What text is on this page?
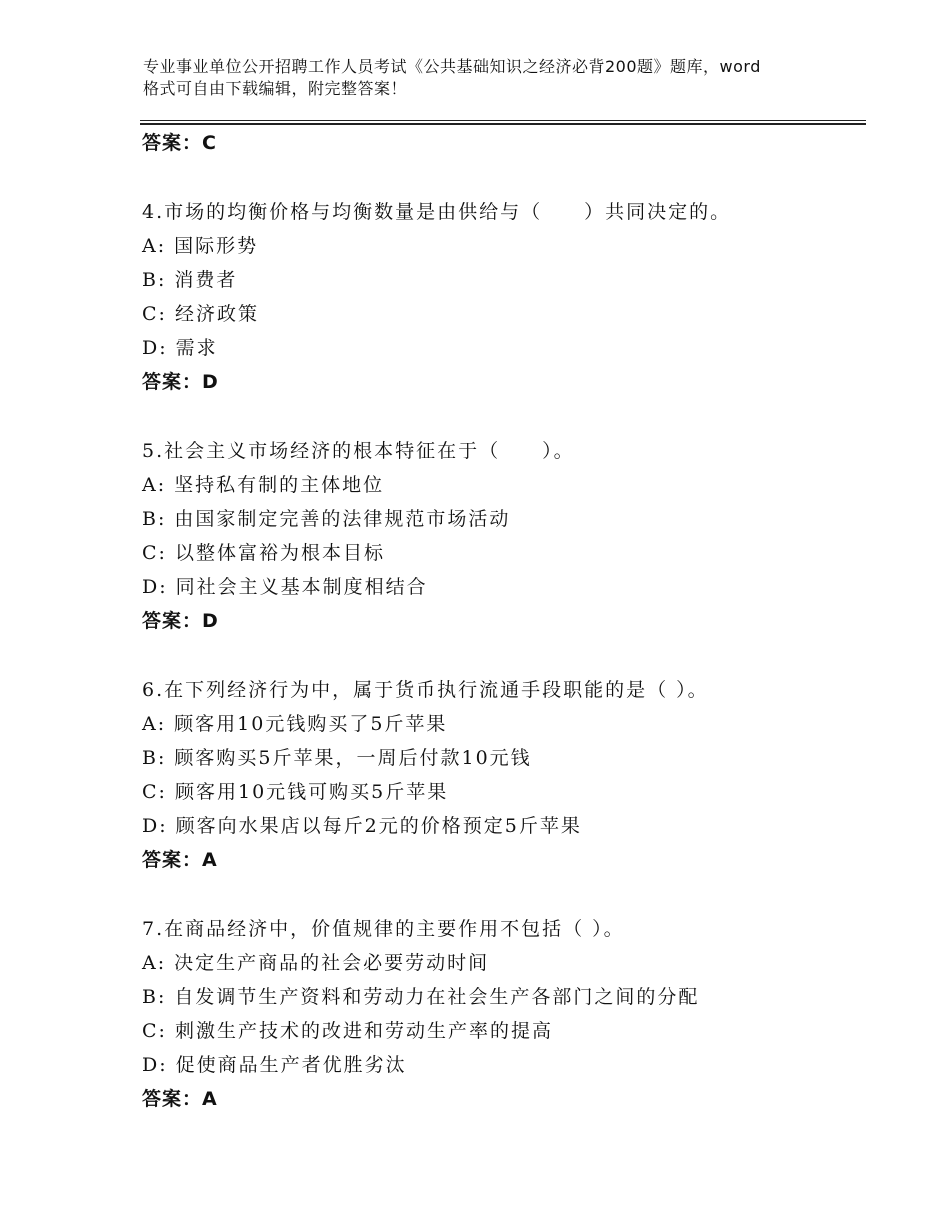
专业事业单位公开招聘工作人员考试《公共基础知识之经济必背200题》题库，word格式可自由下载编辑，附完整答案！
答案：C
4.市场的均衡价格与均衡数量是由供给与（　　）共同决定的。
A: 国际形势
B: 消费者
C: 经济政策
D: 需求
答案：D
5.社会主义市场经济的根本特征在于（　　）。
A: 坚持私有制的主体地位
B: 由国家制定完善的法律规范市场活动
C: 以整体富裕为根本目标
D: 同社会主义基本制度相结合
答案：D
6.在下列经济行为中，属于货币执行流通手段职能的是（ ）。
A: 顾客用10元钱购买了5斤苹果
B: 顾客购买5斤苹果，一周后付款10元钱
C: 顾客用10元钱可购买5斤苹果
D: 顾客向水果店以每斤2元的价格预定5斤苹果
答案：A
7.在商品经济中，价值规律的主要作用不包括（ ）。
A: 决定生产商品的社会必要劳动时间
B: 自发调节生产资料和劳动力在社会生产各部门之间的分配
C: 刺激生产技术的改进和劳动生产率的提高
D: 促使商品生产者优胜劣汰
答案：A
